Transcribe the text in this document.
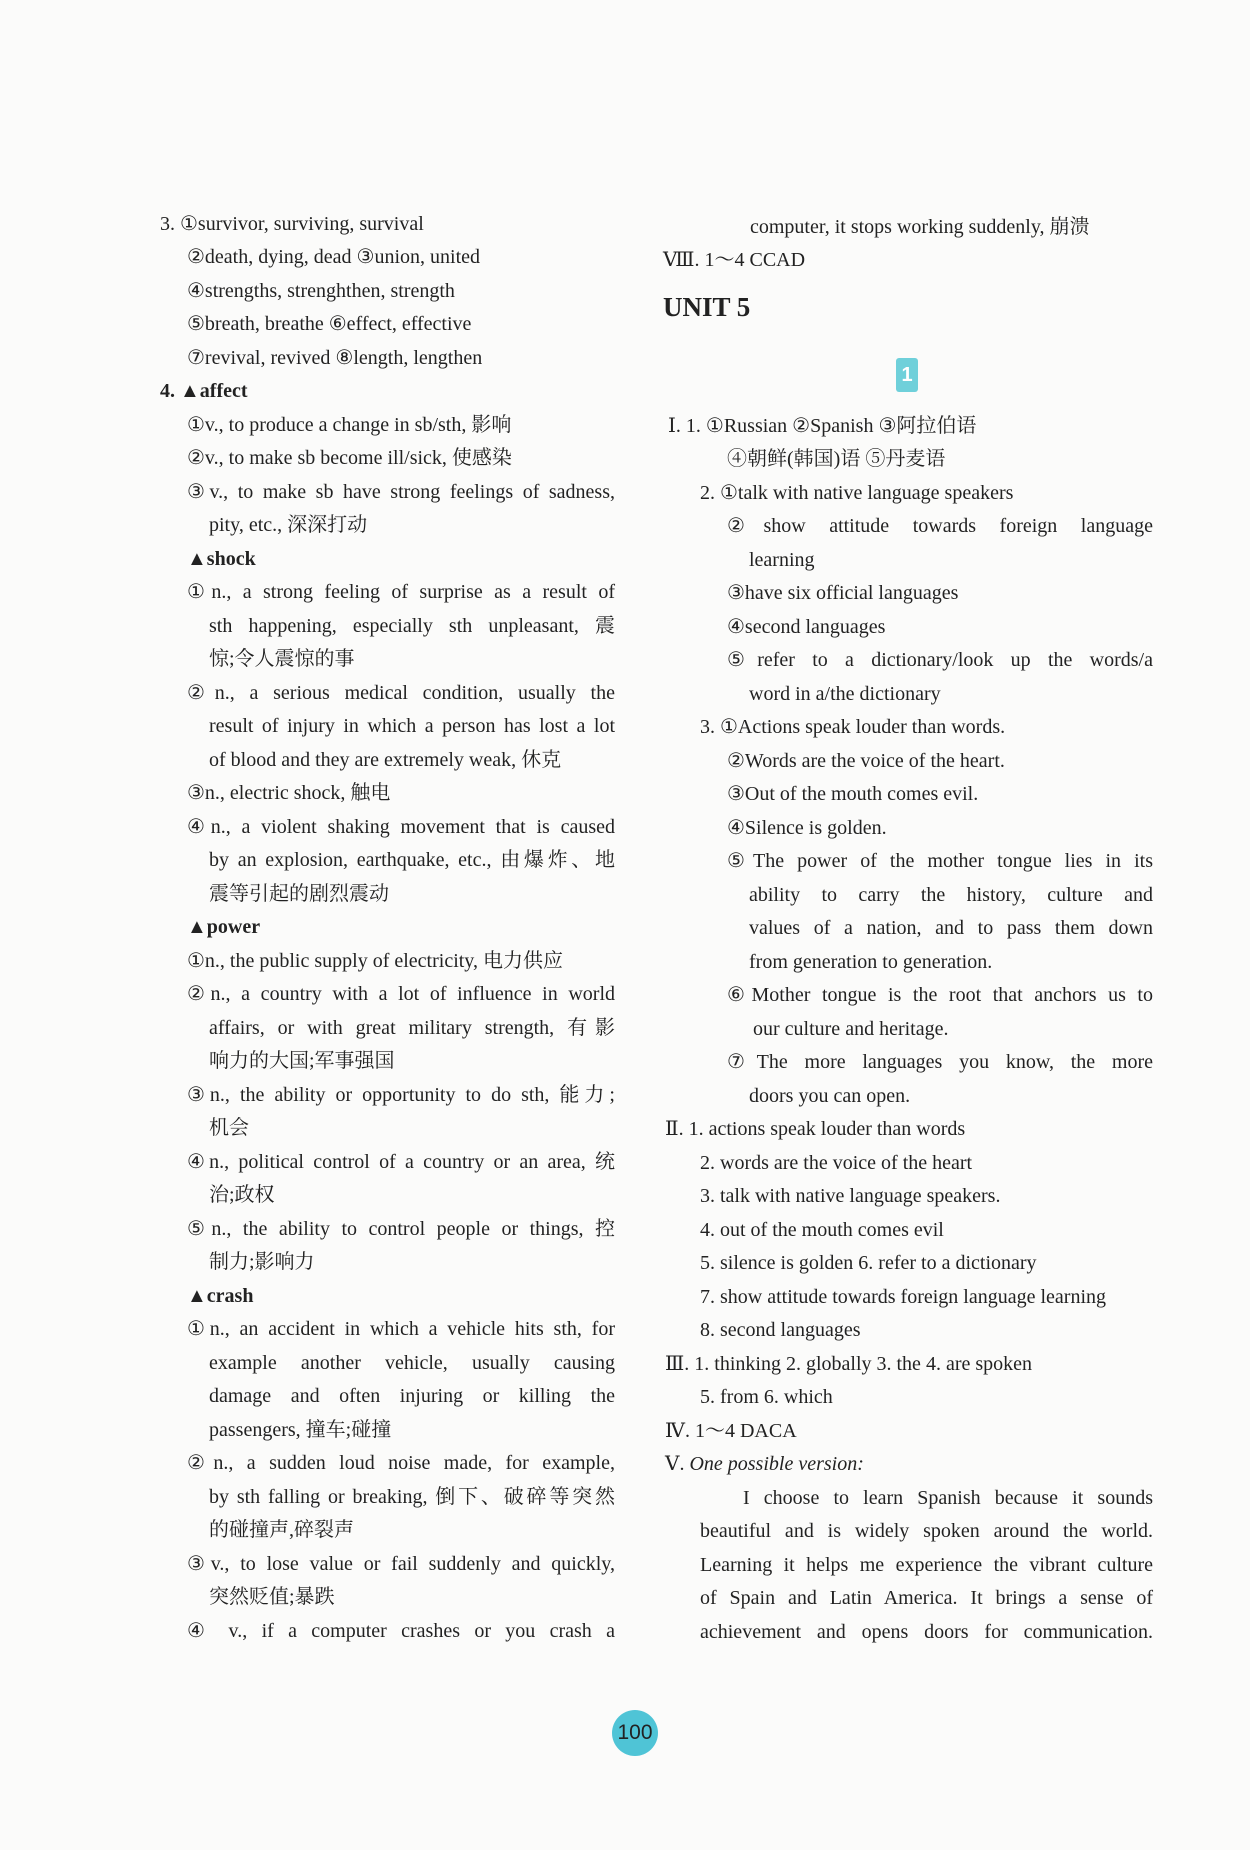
3. ①survivor, surviving, survival
②death, dying, dead ③union, united
④strengths, strenghthen, strength
⑤breath, breathe ⑥effect, effective
⑦revival, revived ⑧length, lengthen
4. ▲affect
①v., to produce a change in sb/sth, 影响
②v., to make sb become ill/sick, 使感染
③v., to make sb have strong feelings of sadness,
pity, etc., 深深打动
▲shock
①n., a strong feeling of surprise as a result of
sth happening, especially sth unpleasant, 震
惊;令人震惊的事
②n., a serious medical condition, usually the
result of injury in which a person has lost a lot
of blood and they are extremely weak, 休克
③n., electric shock, 触电
④n., a violent shaking movement that is caused
by an explosion, earthquake, etc., 由爆炸、地
震等引起的剧烈震动
▲power
①n., the public supply of electricity, 电力供应
②n., a country with a lot of influence in world
affairs, or with great military strength, 有影
响力的大国;军事强国
③n., the ability or opportunity to do sth, 能力;
机会
④n., political control of a country or an area, 统
治;政权
⑤n., the ability to control people or things, 控
制力;影响力
▲crash
①n., an accident in which a vehicle hits sth, for
example another vehicle, usually causing
damage and often injuring or killing the
passengers, 撞车;碰撞
②n., a sudden loud noise made, for example,
by sth falling or breaking, 倒下、破碎等突然
的碰撞声,碎裂声
③v., to lose value or fail suddenly and quickly,
突然贬值;暴跌
④ v., if a computer crashes or you crash a
computer, it stops working suddenly, 崩溃
Ⅷ. 1～4 CCAD
Ⅰ. 1. ①Russian ②Spanish ③阿拉伯语
④朝鲜(韩国)语 ⑤丹麦语
2. ①talk with native language speakers
②show attitude towards foreign language
learning
③have six official languages
④second languages
⑤refer to a dictionary/look up the words/a
word in a/the dictionary
3. ①Actions speak louder than words.
②Words are the voice of the heart.
③Out of the mouth comes evil.
④Silence is golden.
⑤The power of the mother tongue lies in its
ability to carry the history, culture and
values of a nation, and to pass them down
from generation to generation.
⑥Mother tongue is the root that anchors us to
our culture and heritage.
⑦The more languages you know, the more
doors you can open.
Ⅱ. 1. actions speak louder than words
2. words are the voice of the heart
3. talk with native language speakers.
4. out of the mouth comes evil
5. silence is golden 6. refer to a dictionary
7. show attitude towards foreign language learning
8. second languages
Ⅲ. 1. thinking 2. globally 3. the 4. are spoken
5. from 6. which
Ⅳ. 1～4 DACA
Ⅴ. One possible version:
I choose to learn Spanish because it sounds
beautiful and is widely spoken around the world.
Learning it helps me experience the vibrant culture
of Spain and Latin America. It brings a sense of
achievement and opens doors for communication.
UNIT 5
1
100
